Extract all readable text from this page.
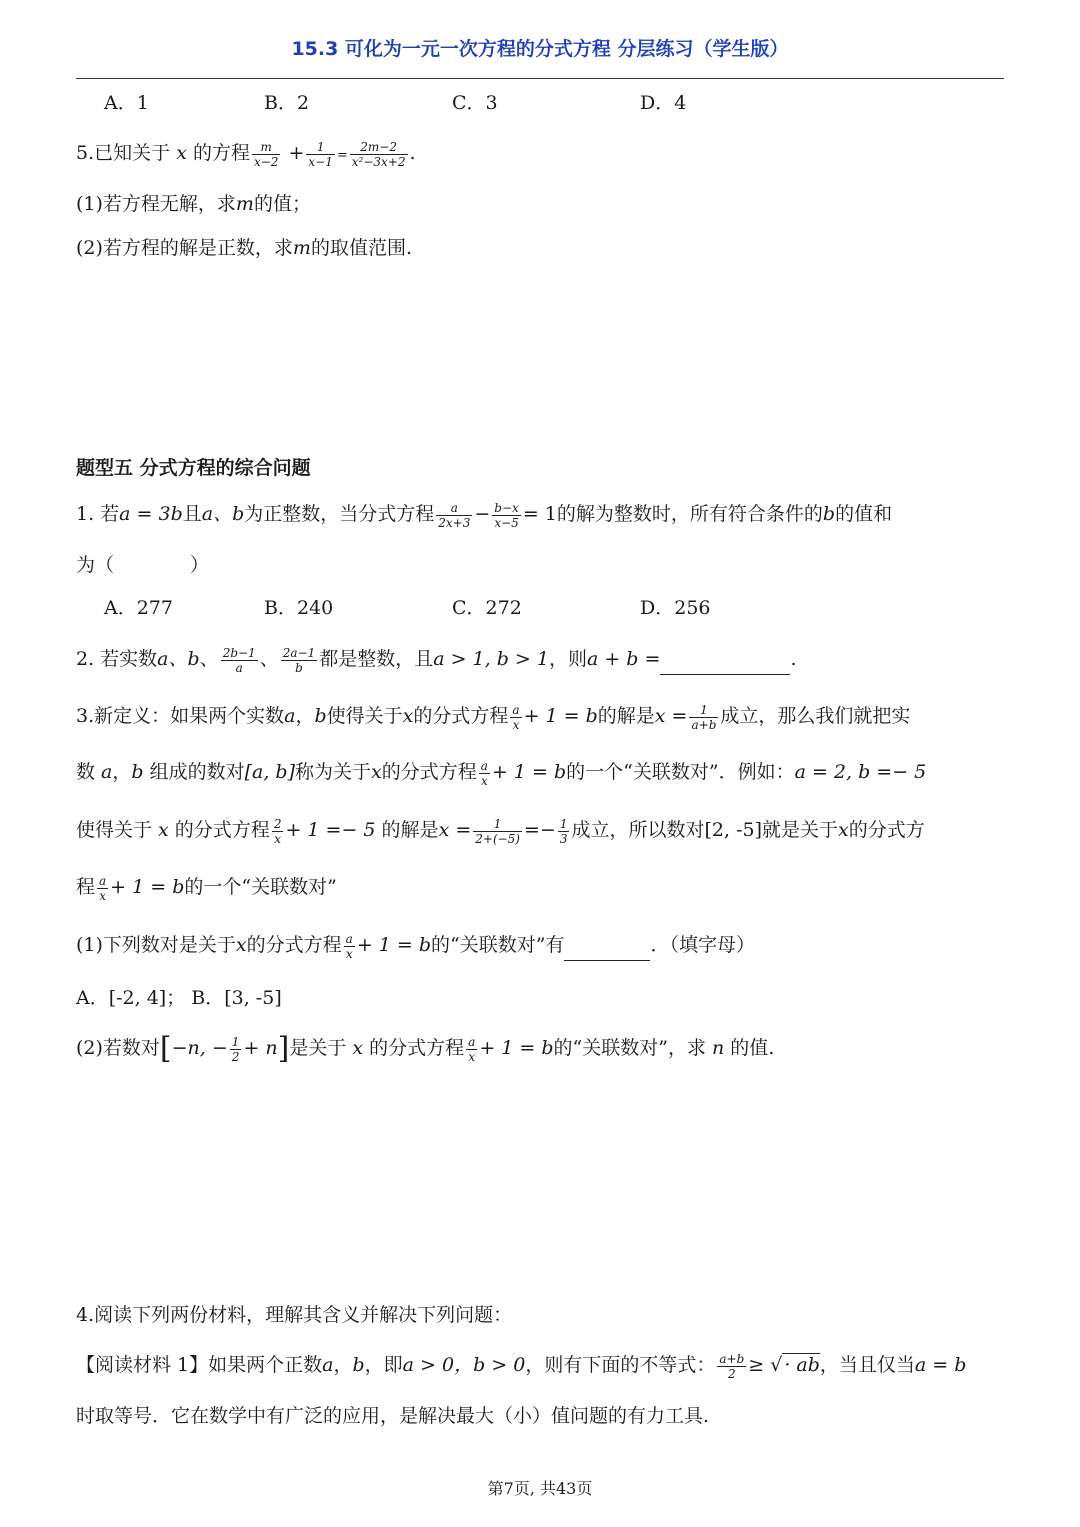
15.3 可化为一元一次方程的分式方程 分层练习（学生版）
A．1	B．2	C．3	D．4
5.已知关于 x 的方程 $\frac{m}{x-2} + \frac{1}{x-1} = \frac{2m-2}{\text{x²−3x+2}}$ .
(1)若方程无解，求m的值；
(2)若方程的解是正数，求m的取值范围.
题型五 分式方程的综合问题
1. 若a = 3b且a、b为正整数，当分式方程 $\frac{a}{2x+3} - \frac{b-x}{x-5} = 1$的解为整数时，所有符合条件的b的值和
为（　　　　）
A．277	B．240	C．272	D．256
2. 若实数a、b、 $\frac{2b-1}{a}$ 、 $\frac{2a-1}{b}$ 都是整数，且a > 1, b > 1，则a + b =	.
3.新定义：如果两个实数a，b使得关于x的分式方程 $\frac{a}{x} + 1 = b$的解是$x = \frac{1}{a+b}$ 成立，那么我们就把实
数 a，b 组成的数对[a, b]称为关于x的分式方程 $\frac{a}{x} + 1 = b$的一个“关联数对”．例如：a = 2, b =− 5
使得关于 x 的分式方程 $\frac{2}{x} + 1 =- 5$ 的解是$x = \frac{1}{2+(-5)} =- \frac{1}{3}$ 成立，所以数对[2, -5]就是关于x的分式方
程 $\frac{a}{x} + 1 = b$的一个“关联数对”
(1)下列数对是关于x的分式方程 $\frac{a}{x} + 1 = b$的“关联数对”有	．（填字母）
A．[-2, 4]； B．[3, -5]
(2)若数对[−n, − $\frac{1}{2} + n$]是关于 x 的分式方程 $\frac{a}{x} + 1 = b$的“关联数对”，求 n 的值.
4.阅读下列两份材料，理解其含义并解决下列问题：
【阅读材料 1】如果两个正数a，b，即a > 0，b > 0，则有下面的不等式： $\frac{a+b}{2}$ ≥ √ · ab，当且仅当a = b
时取等号．它在数学中有广泛的应用，是解决最大（小）值问题的有力工具.
第7页, 共43页
